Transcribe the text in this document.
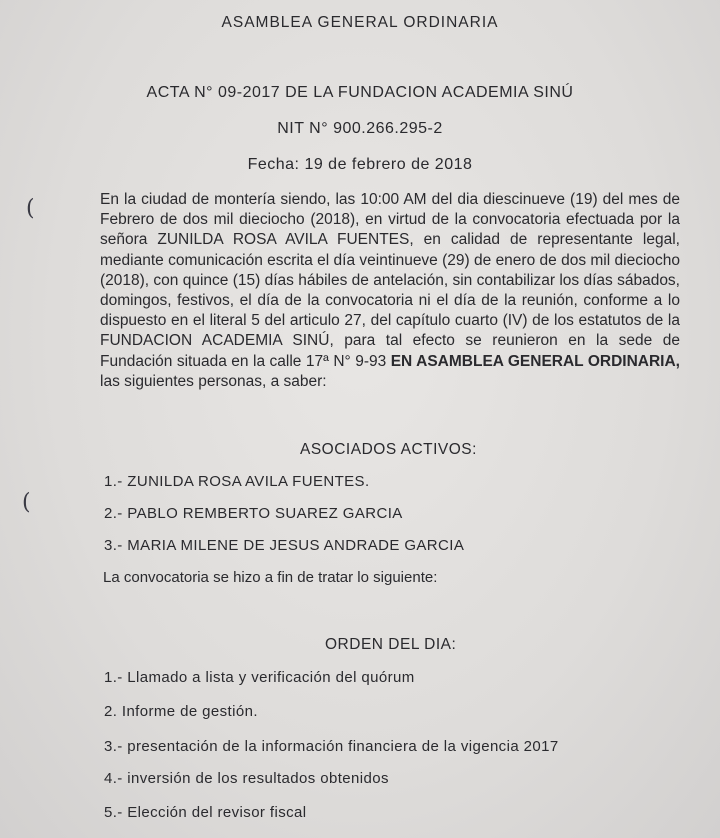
ASAMBLEA GENERAL ORDINARIA
ACTA N° 09-2017 DE LA FUNDACION ACADEMIA SINÚ
NIT N° 900.266.295-2
Fecha: 19 de febrero de 2018
(	En la ciudad de montería siendo, las 10:00 AM del dia diescinueve (19) del mes de Febrero de dos mil dieciocho (2018), en virtud de la convocatoria efectuada por la señora ZUNILDA ROSA AVILA FUENTES, en calidad de representante legal, mediante comunicación escrita el día veintinueve (29) de enero de dos mil dieciocho (2018), con quince (15) días hábiles de antelación, sin contabilizar los días sábados, domingos, festivos, el día de la convocatoria ni el día de la reunión, conforme a lo dispuesto en el literal 5 del articulo 27, del capítulo cuarto (IV) de los estatutos de la FUNDACION ACADEMIA SINÚ, para tal efecto se reunieron en la sede de Fundación situada en la calle 17ª N° 9-93 EN ASAMBLEA GENERAL ORDINARIA, las siguientes personas, a saber:
ASOCIADOS ACTIVOS:
1.- ZUNILDA ROSA AVILA FUENTES.
(	2.- PABLO REMBERTO SUAREZ GARCIA
3.- MARIA MILENE DE JESUS ANDRADE GARCIA
La convocatoria se hizo a fin de tratar lo siguiente:
ORDEN DEL DIA:
1.- Llamado a lista y verificación del quórum
2. Informe de gestión.
3.- presentación de la información financiera de la vigencia 2017
4.- inversión de los resultados obtenidos
5.- Elección del revisor fiscal
